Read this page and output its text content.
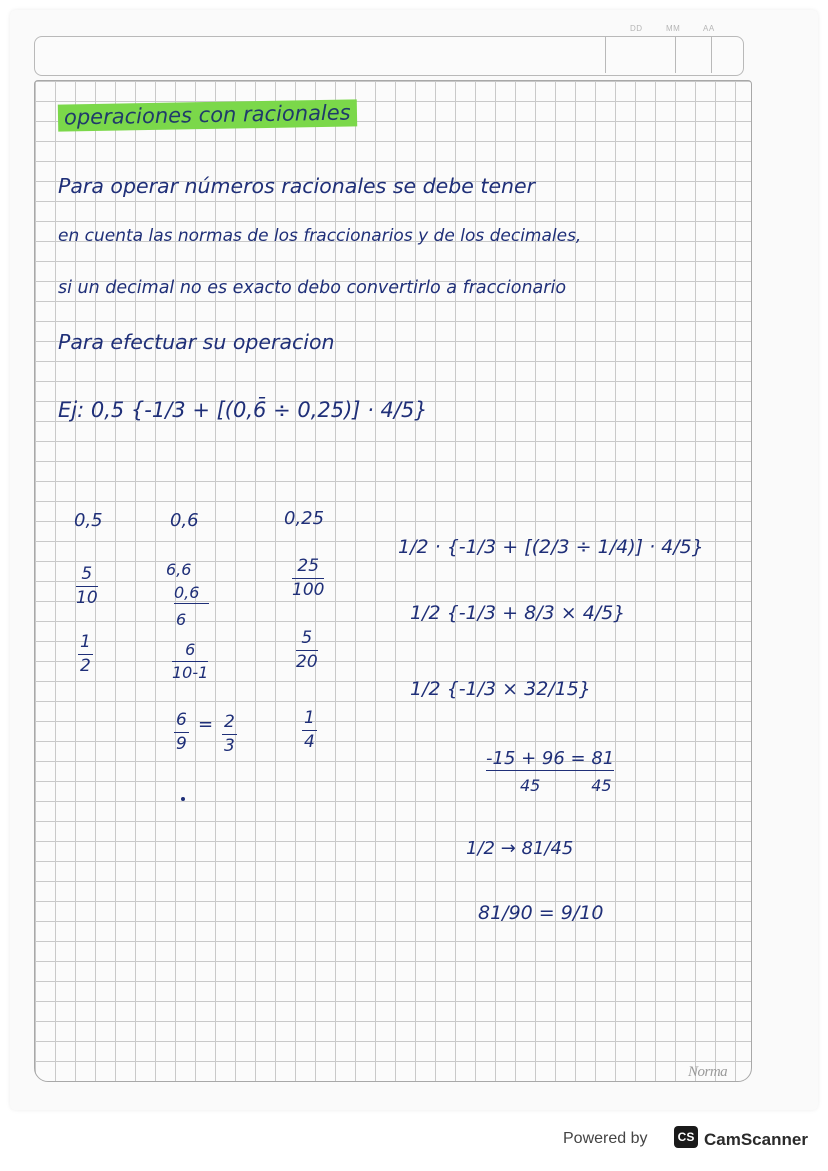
DD	MM	AA
operaciones con racionales
Para operar números racionales se debe tener
en cuenta las normas de los fraccionarios y de los decimales,
si un decimal no es exacto debo convertirlo a fraccionario
Para efectuar su operacion
Ej: 0,5 {-1/3 + [(0,6̄ ÷ 0,25)] · 4/5}
0,5
$\frac{5}{10}$
$\frac{1}{2}$
0,6
6,6
0,6
6
$\frac{6}{10-1}$
$\frac{6}{9} = \frac{2}{3}$
0,25
$\frac{25}{100}$
$\frac{5}{20}$
$\frac{1}{4}$
1/2 · {-1/3 + [(2/3 ÷ 1/4)] · 4/5}
1/2 {-1/3 + 8/3 × 4/5}
1/2 {-1/3 × 32/15}
-15 + 96 = 81
45          45
1/2 → 81/45
81/90 = 9/10
Norma
Powered by	CS CamScanner
